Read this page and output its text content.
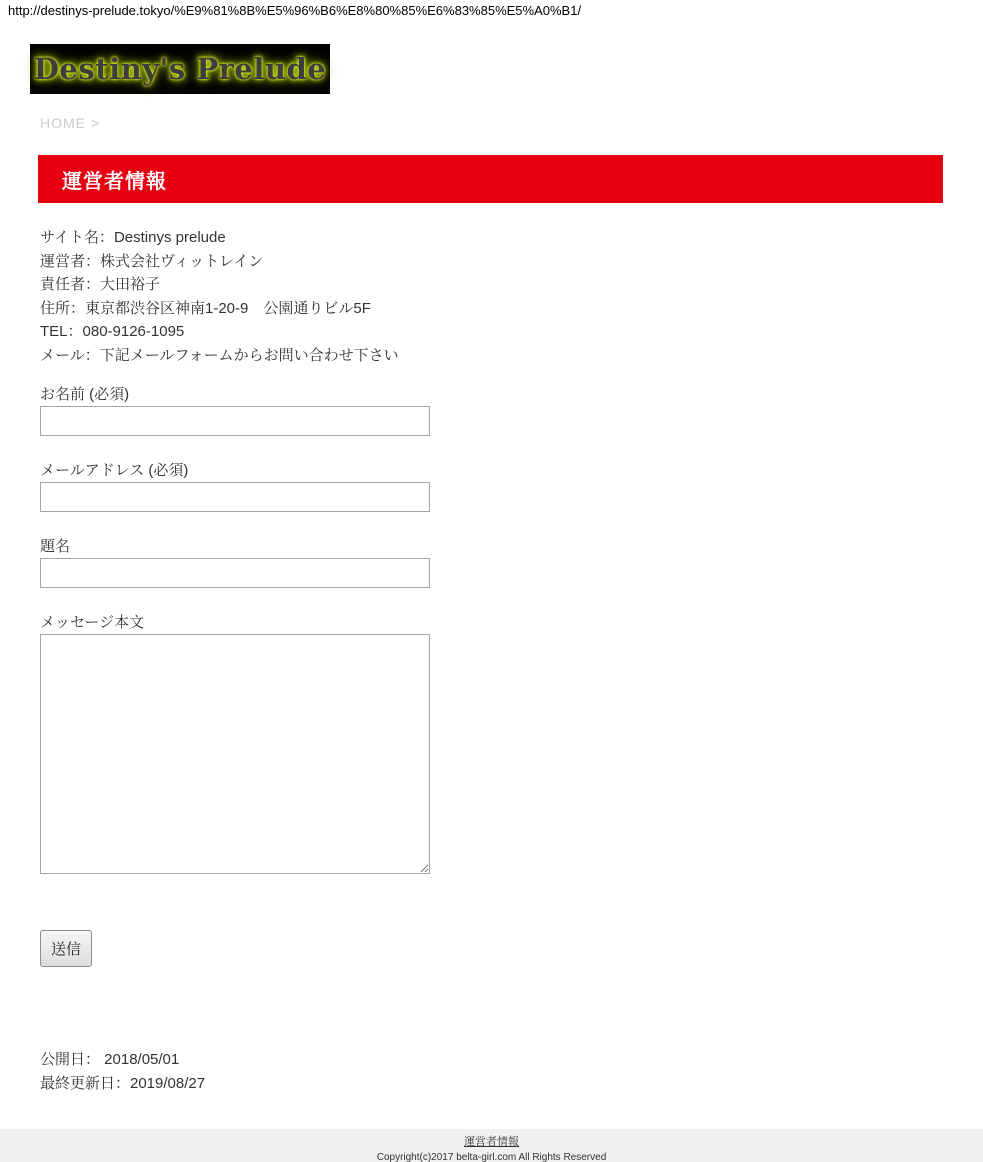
http://destinys-prelude.tokyo/%E9%81%8B%E5%96%B6%E8%80%85%E6%83%85%E5%A0%B1/
Destiny's Prelude
HOME >
運営者情報

サイト名：Destinys prelude

運営者：株式会社ヴィットレイン

責任者：大田裕子

住所：東京都渋谷区神南1-20-9　公園通りビル5F

TEL：080-9126-1095

メール：下記メールフォームからお問い合わせ下さい

お名前 (必須)

メールアドレス (必須)

題名

メッセージ本文

送信

公開日： 2018/05/01

最終更新日：2019/08/27

運営者情報
Copyright(c)2017 belta-girl.com All Rights Reserved
